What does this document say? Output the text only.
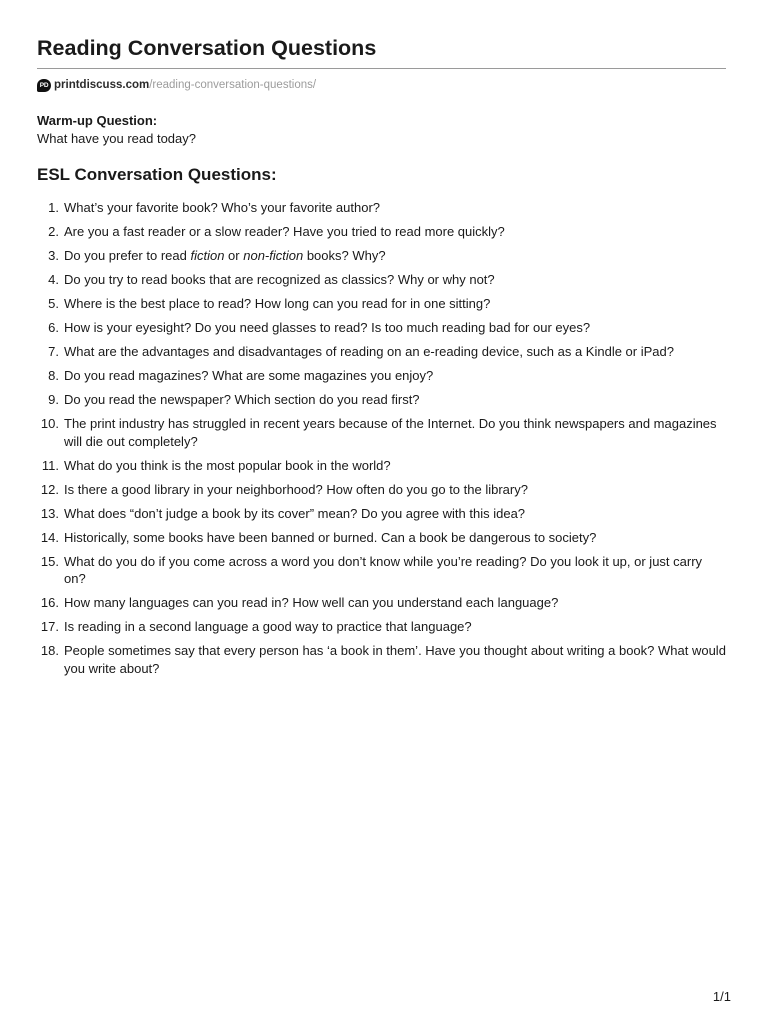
Reading Conversation Questions
PD printdiscuss.com /reading-conversation-questions/
Warm-up Question:
What have you read today?
ESL Conversation Questions:
1. What’s your favorite book? Who’s your favorite author?
2. Are you a fast reader or a slow reader? Have you tried to read more quickly?
3. Do you prefer to read fiction or non-fiction books? Why?
4. Do you try to read books that are recognized as classics? Why or why not?
5. Where is the best place to read? How long can you read for in one sitting?
6. How is your eyesight? Do you need glasses to read? Is too much reading bad for our eyes?
7. What are the advantages and disadvantages of reading on an e-reading device, such as a Kindle or iPad?
8. Do you read magazines? What are some magazines you enjoy?
9. Do you read the newspaper? Which section do you read first?
10. The print industry has struggled in recent years because of the Internet. Do you think newspapers and magazines will die out completely?
11. What do you think is the most popular book in the world?
12. Is there a good library in your neighborhood? How often do you go to the library?
13. What does “don’t judge a book by its cover” mean? Do you agree with this idea?
14. Historically, some books have been banned or burned. Can a book be dangerous to society?
15. What do you do if you come across a word you don’t know while you’re reading? Do you look it up, or just carry on?
16. How many languages can you read in? How well can you understand each language?
17. Is reading in a second language a good way to practice that language?
18. People sometimes say that every person has ‘a book in them’. Have you thought about writing a book? What would you write about?
1/1
